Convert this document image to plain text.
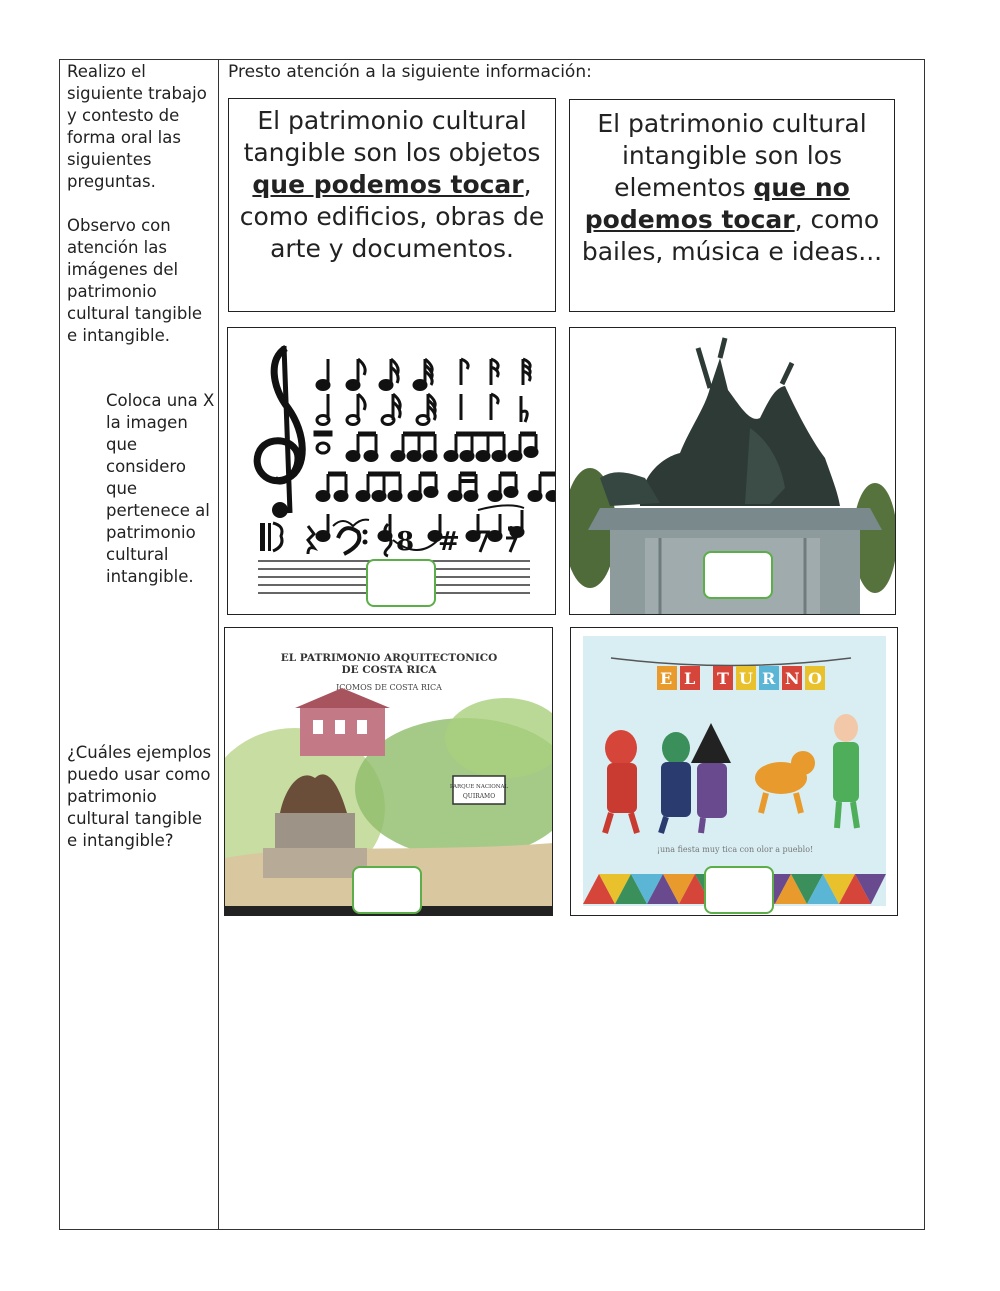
Realizo el siguiente trabajo y contesto de forma oral las siguientes preguntas.

Observo con atención las imágenes del patrimonio cultural tangible e intangible.

Coloca una X la imagen que considero que pertenece al patrimonio cultural intangible.
¿Cuáles ejemplos puedo usar como patrimonio cultural tangible e intangible?
Presto atención a la siguiente información:
El patrimonio cultural tangible son los objetos que podemos tocar, como edificios, obras de arte y documentos.
El patrimonio cultural intangible son los elementos que no podemos tocar, como bailes, música e ideas...
8 #
EL PATRIMONIO ARQUITECTONICO
DE COSTA RICA
ICOMOS DE COSTA RICA
PARQUE NACIONAL
QUIRAMO
E L T U R N O
¡una fiesta muy tica con olor a pueblo!
